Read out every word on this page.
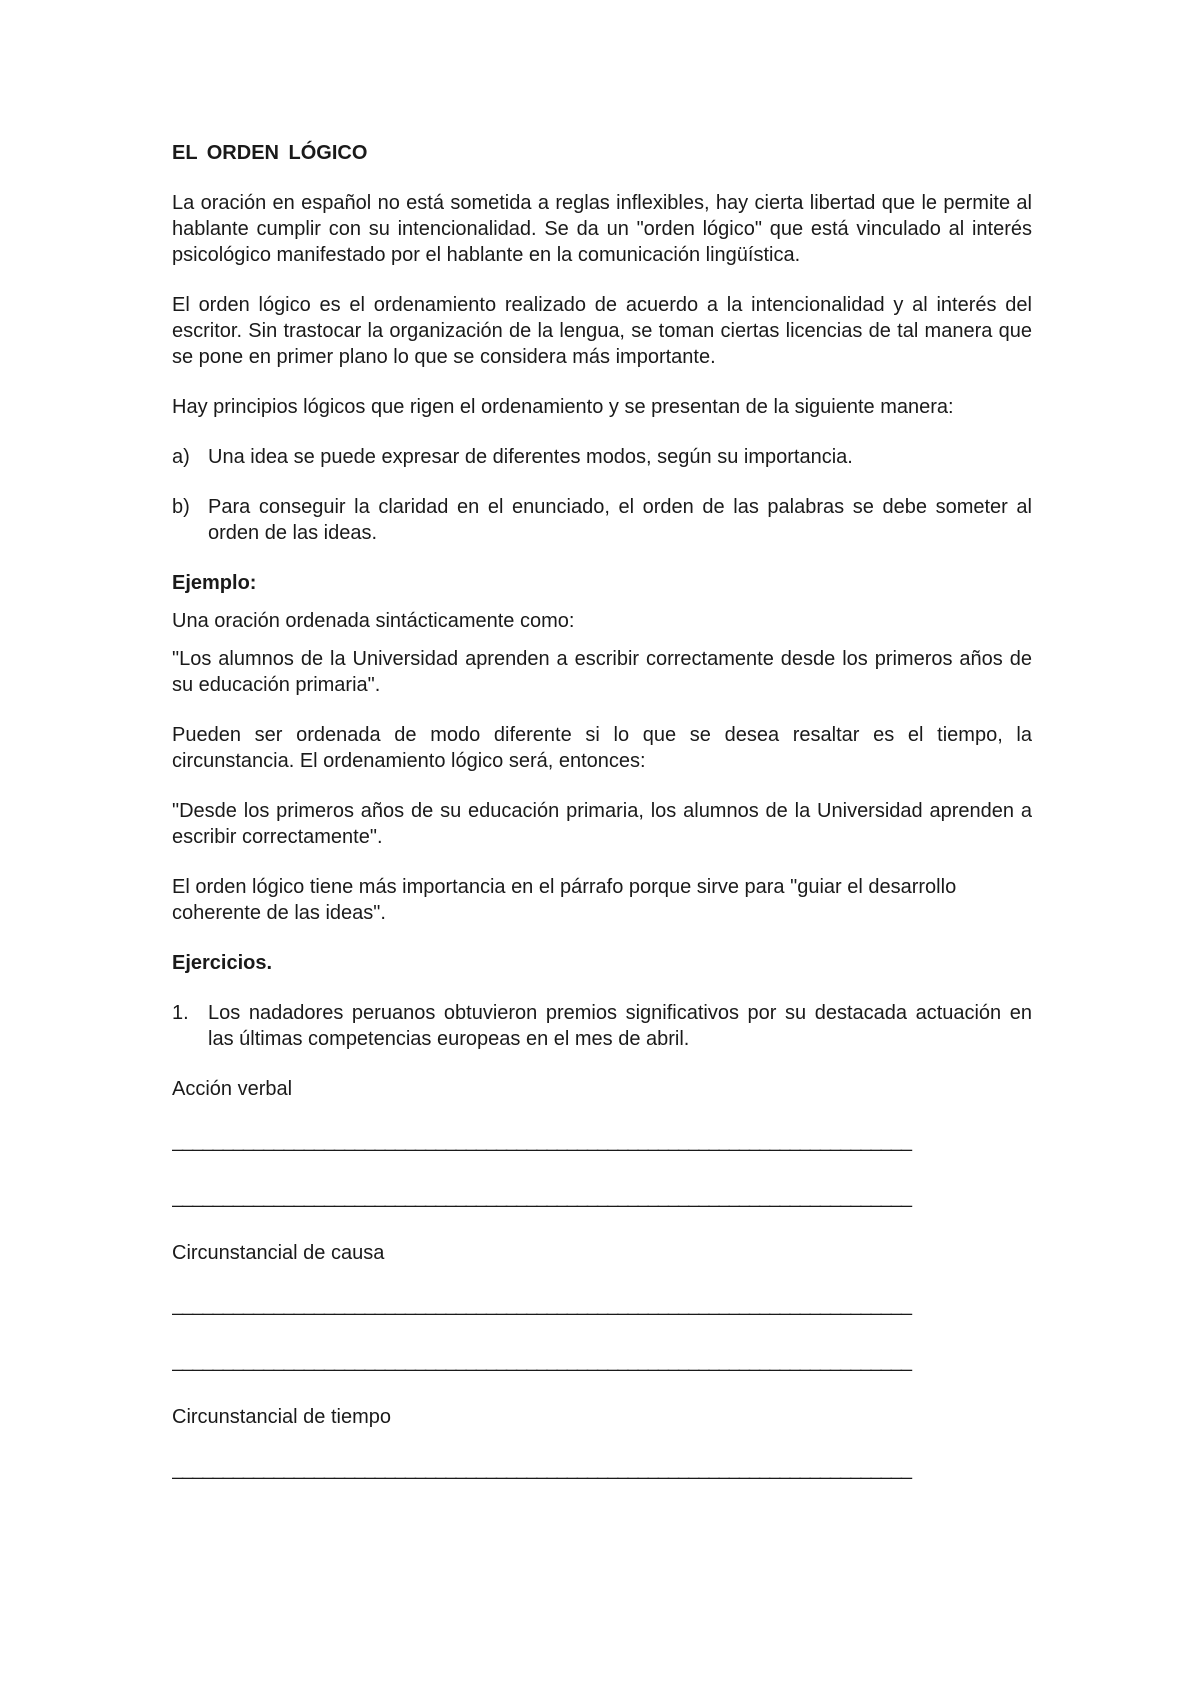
EL ORDEN LÓGICO

La oración en español no está sometida a reglas inflexibles, hay cierta libertad que le permite al hablante cumplir con su intencionalidad. Se da un "orden lógico" que está vinculado al interés psicológico manifestado por el hablante en la comunicación lingüística.

El orden lógico es el ordenamiento realizado de acuerdo a la intencionalidad y al interés del escritor. Sin trastocar la organización de la lengua, se toman ciertas licencias de tal manera que se pone en primer plano lo que se considera más importante.

Hay principios lógicos que rigen el ordenamiento y se presentan de la siguiente manera:

a) Una idea se puede expresar de diferentes modos, según su importancia.
b) Para conseguir la claridad en el enunciado, el orden de las palabras se debe someter al orden de las ideas.
Ejemplo:

Una oración ordenada sintácticamente como:

"Los alumnos de la Universidad aprenden a escribir correctamente desde los primeros años de su educación primaria".

Pueden ser ordenada de modo diferente si lo que se desea resaltar es el tiempo, la circunstancia. El ordenamiento lógico será, entonces:

"Desde los primeros años de su educación primaria, los alumnos de la Universidad aprenden a escribir correctamente".

El orden lógico tiene más importancia en el párrafo porque sirve para "guiar el desarrollo coherente de las ideas".

Ejercicios.
1. Los nadadores peruanos obtuvieron premios significativos por su destacada actuación en las últimas competencias europeas en el mes de abril.
Acción verbal
_________________________________________________________________________
_________________________________________________________________________
Circunstancial de causa
_________________________________________________________________________
_________________________________________________________________________
Circunstancial de tiempo
_________________________________________________________________________
